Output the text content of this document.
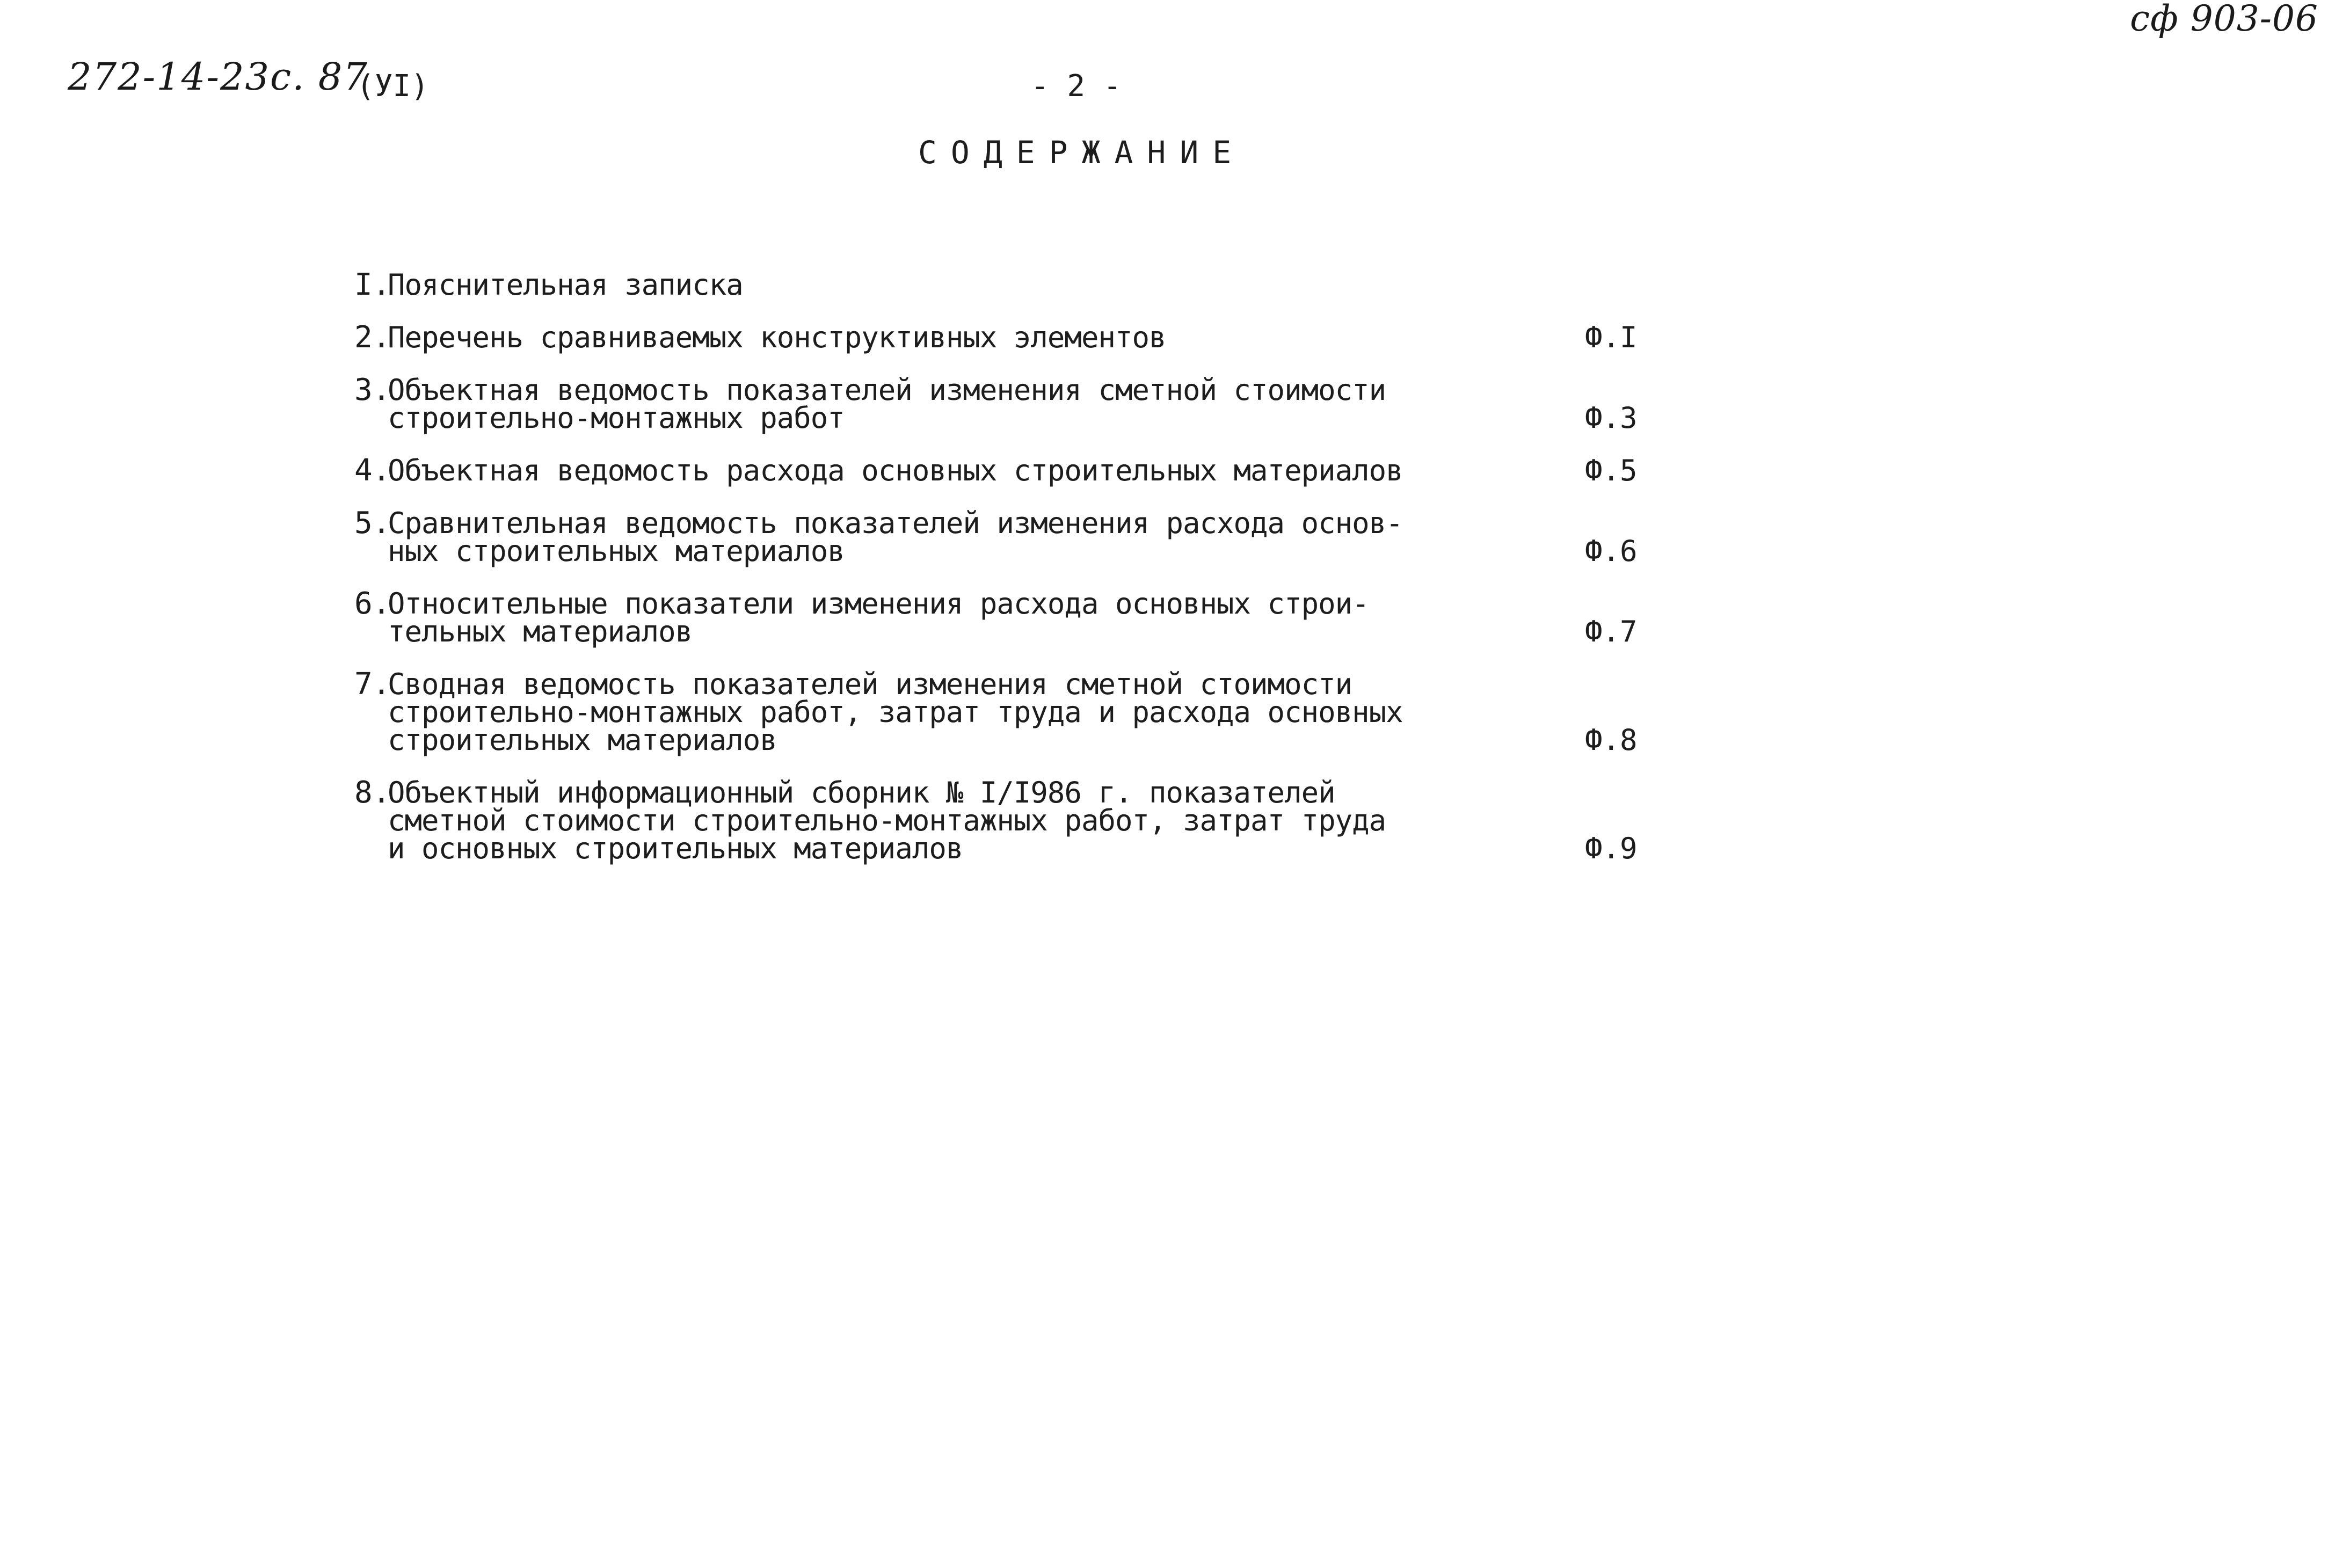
сф 903-06
272-14-23с. 87
(УI)	- 2 -
СОДЕРЖАНИЕ
I.
Пояснительная записка
2.
Перечень сравниваемых конструктивных элементов	Ф.I
3.
Объектная ведомость показателей изменения сметной стоимости
строительно-монтажных работ	Ф.3
4.
Объектная ведомость расхода основных строительных материалов	Ф.5
5.
Сравнительная ведомость показателей изменения расхода основ-
ных строительных материалов	Ф.6
6.
Относительные показатели изменения расхода основных строи-
тельных материалов	Ф.7
7.
Сводная ведомость показателей изменения сметной стоимости
строительно-монтажных работ, затрат труда и расхода основных
строительных материалов	Ф.8
8.
Объектный информационный сборник № I/I986 г. показателей
сметной стоимости строительно-монтажных работ, затрат труда
и основных строительных материалов	Ф.9
